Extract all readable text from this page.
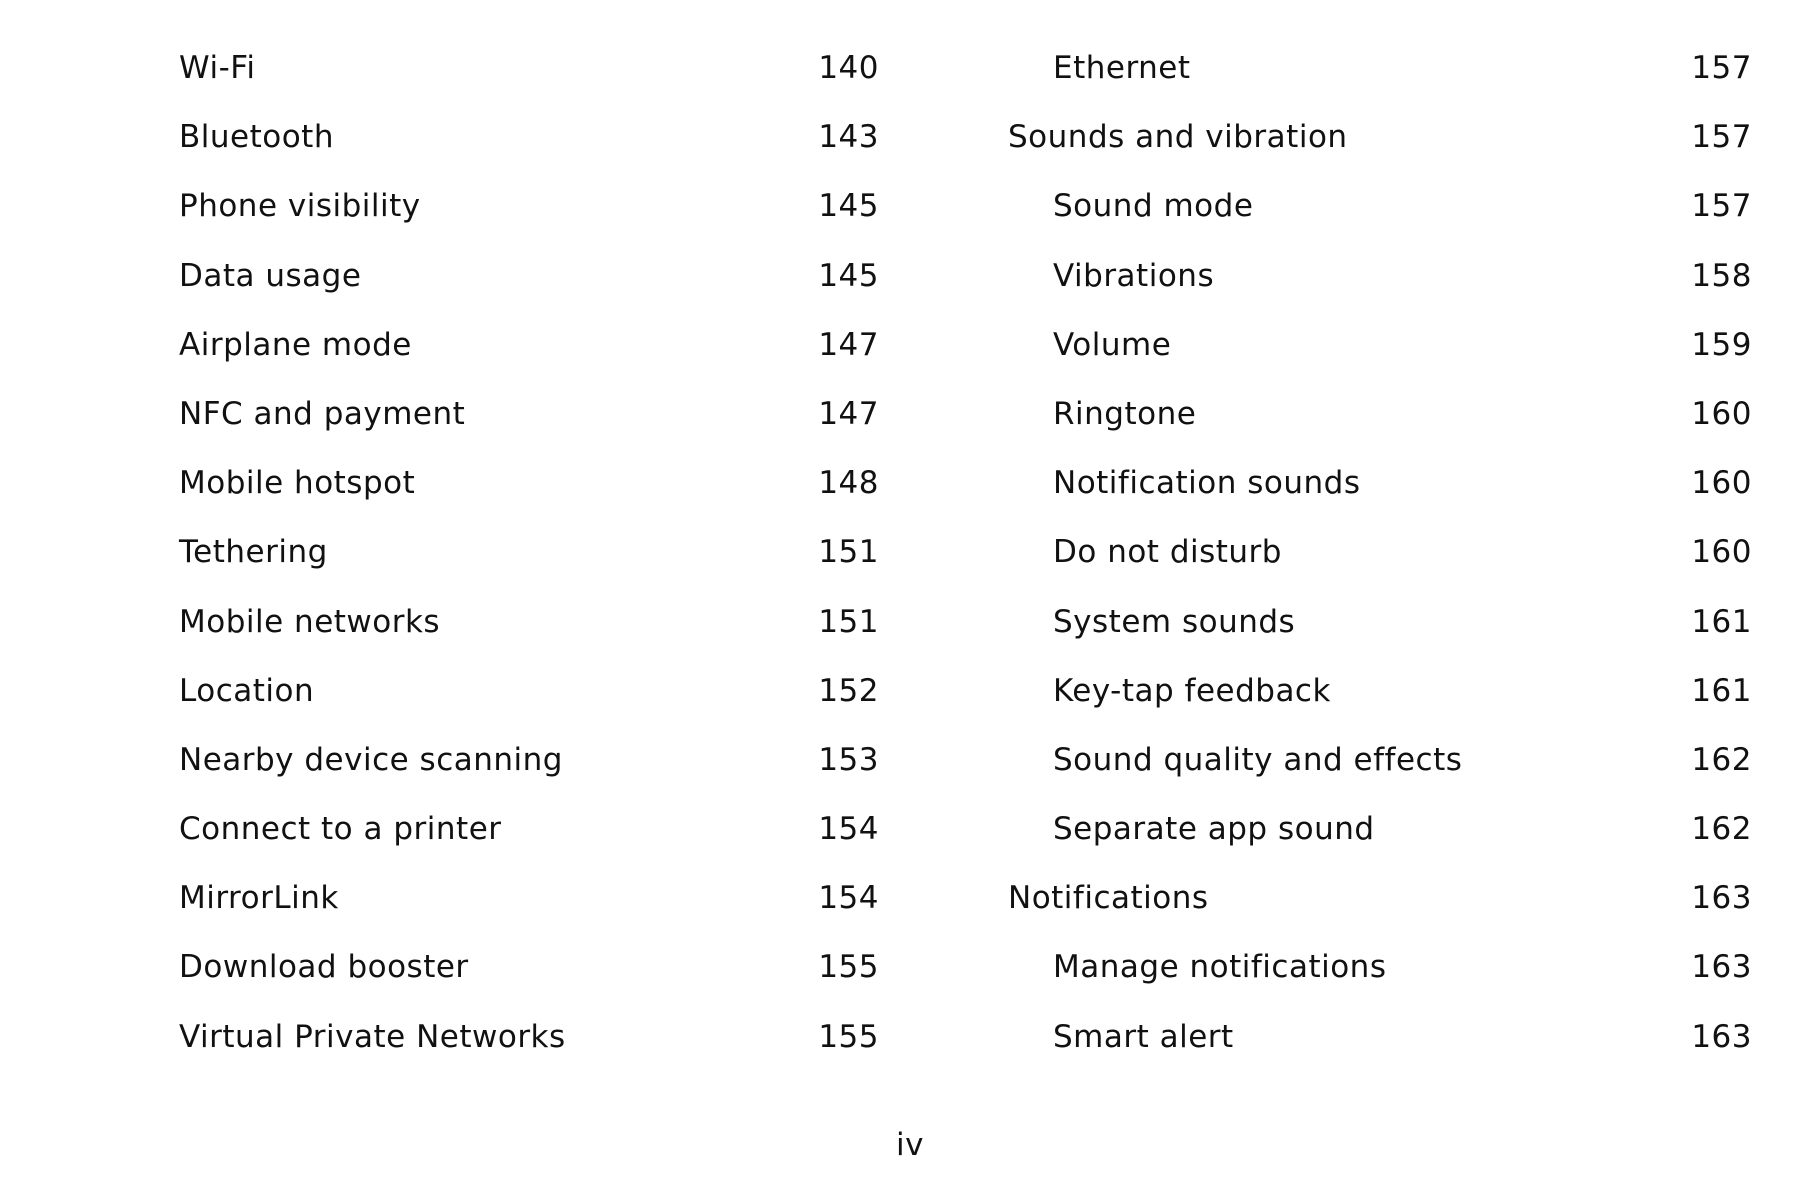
Wi-Fi	140
Bluetooth	143
Phone visibility	145
Data usage	145
Airplane mode	147
NFC and payment	147
Mobile hotspot	148
Tethering	151
Mobile networks	151
Location	152
Nearby device scanning	153
Connect to a printer	154
MirrorLink	154
Download booster	155
Virtual Private Networks	155
Ethernet	157
Sounds and vibration	157
Sound mode	157
Vibrations	158
Volume	159
Ringtone	160
Notification sounds	160
Do not disturb	160
System sounds	161
Key-tap feedback	161
Sound quality and effects	162
Separate app sound	162
Notifications	163
Manage notifications	163
Smart alert	163
iv
